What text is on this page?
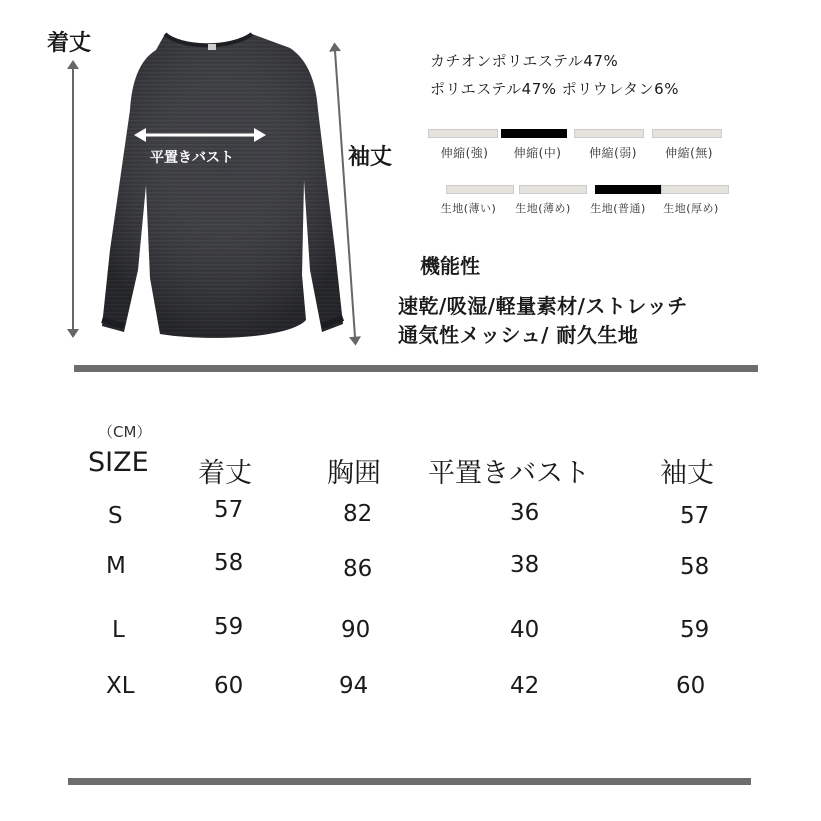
着丈
平置きバスト	袖丈
カチオンポリエステル47%
ポリエステル47% ポリウレタン6%
伸縮(強)	伸縮(中)	伸縮(弱)	伸縮(無)
生地(薄い)	生地(薄め)	生地(普通)	生地(厚め)
機能性
速乾/吸湿/軽量素材/ストレッチ
通気性メッシュ/ 耐久生地
（CM）
SIZE 着丈	胸囲 平置きバスト	袖丈
S	57	82	36	57
M	58	86	38	58
L	59	90	40	59
XL	60	94	42	60
